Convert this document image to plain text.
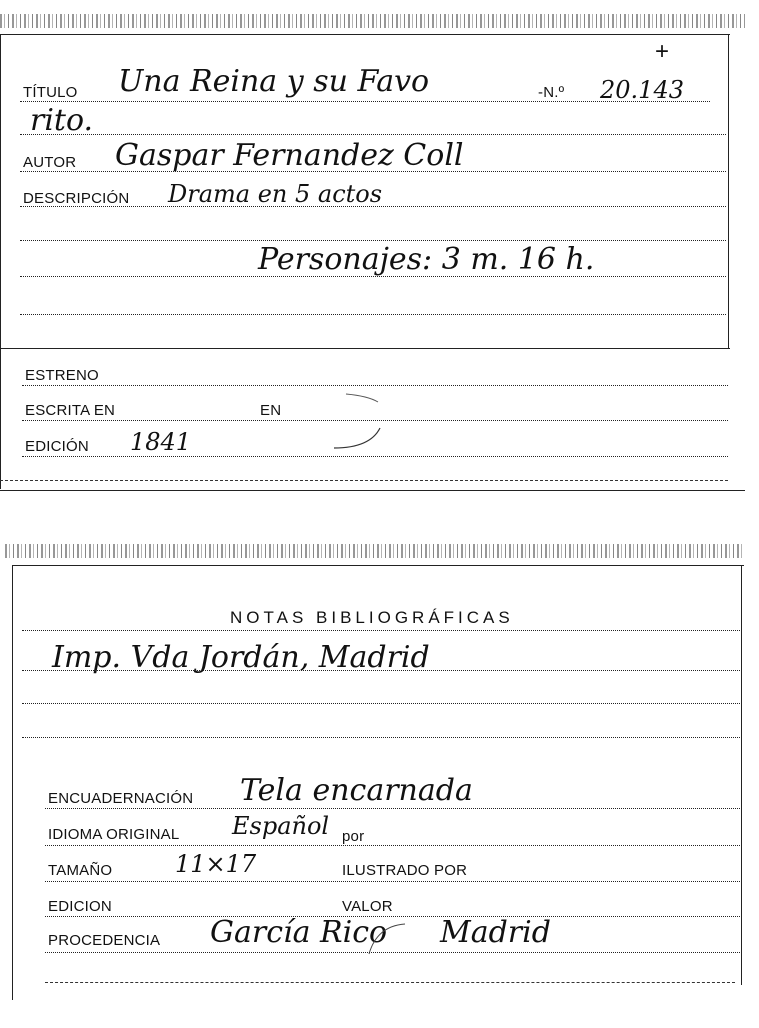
+
TÍTULO Una Reina y su Favo	-N.º 20.143
rito.
AUTOR Gaspar Fernandez Coll
DESCRIPCIÓN Drama en 5 actos
Personajes: 3 m. 16 h.
ESTRENO
ESCRITA EN	EN
EDICIÓN 1841
NOTAS BIBLIOGRÁFICAS
Imp. Vda Jordán, Madrid
ENCUADERNACIÓN Tela encarnada
IDIOMA ORIGINAL Español por
TAMAÑO	11×17	ILUSTRADO POR
EDICION	VALOR
PROCEDENCIA García Rico Madrid
